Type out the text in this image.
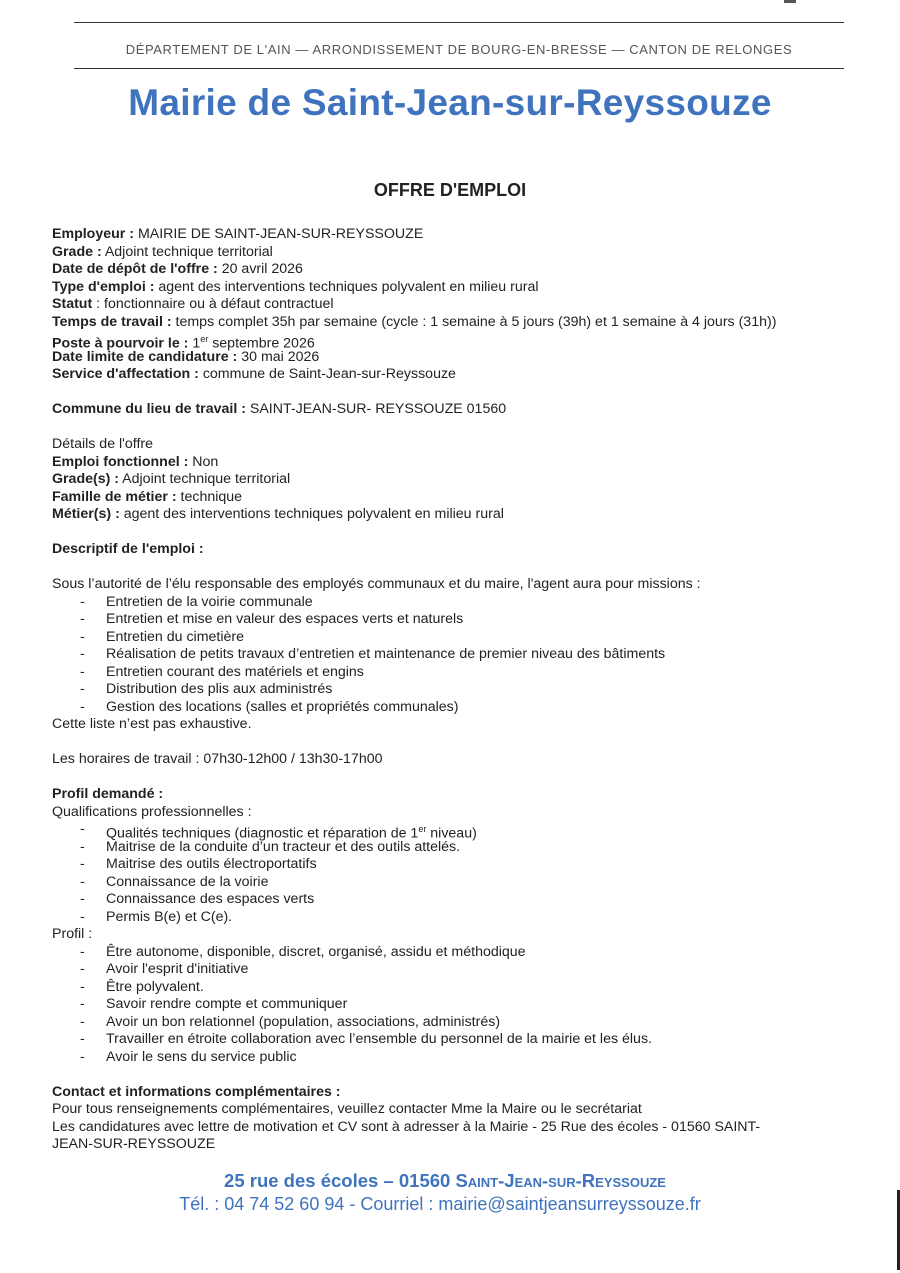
DÉPARTEMENT DE L'AIN — ARRONDISSEMENT DE BOURG-EN-BRESSE — CANTON DE RELONGES
Mairie de Saint-Jean-sur-Reyssouze
OFFRE D'EMPLOI
Employeur : MAIRIE DE SAINT-JEAN-SUR-REYSSOUZE
Grade : Adjoint technique territorial
Date de dépôt de l'offre : 20 avril 2026
Type d'emploi : agent des interventions techniques polyvalent en milieu rural
Statut : fonctionnaire ou à défaut contractuel
Temps de travail : temps complet 35h par semaine (cycle : 1 semaine à 5 jours (39h) et 1 semaine à 4 jours (31h))
Poste à pourvoir le : 1er septembre 2026
Date limite de candidature : 30 mai 2026
Service d'affectation : commune de Saint-Jean-sur-Reyssouze
Commune du lieu de travail : SAINT-JEAN-SUR- REYSSOUZE 01560
Détails de l'offre
Emploi fonctionnel : Non
Grade(s) : Adjoint technique territorial
Famille de métier : technique
Métier(s) : agent des interventions techniques polyvalent en milieu rural
Descriptif de l'emploi :
Sous l’autorité de l’élu responsable des employés communaux et du maire, l'agent aura pour missions :
- Entretien de la voirie communale
- Entretien et mise en valeur des espaces verts et naturels
- Entretien du cimetière
- Réalisation de petits travaux d’entretien et maintenance de premier niveau des bâtiments
- Entretien courant des matériels et engins
- Distribution des plis aux administrés
- Gestion des locations (salles et propriétés communales)
Cette liste n’est pas exhaustive.
Les horaires de travail : 07h30-12h00 / 13h30-17h00
Profil demandé :
Qualifications professionnelles :
- Qualités techniques (diagnostic et réparation de 1er niveau)
- Maitrise de la conduite d’un tracteur et des outils attelés.
- Maitrise des outils électroportatifs
- Connaissance de la voirie
- Connaissance des espaces verts
- Permis B(e) et C(e).
Profil :
- Être autonome, disponible, discret, organisé, assidu et méthodique
- Avoir l'esprit d'initiative
- Être polyvalent.
- Savoir rendre compte et communiquer
- Avoir un bon relationnel (population, associations, administrés)
- Travailler en étroite collaboration avec l’ensemble du personnel de la mairie et les élus.
- Avoir le sens du service public
Contact et informations complémentaires :
Pour tous renseignements complémentaires, veuillez contacter Mme la Maire ou le secrétariat
Les candidatures avec lettre de motivation et CV sont à adresser à la Mairie - 25 Rue des écoles - 01560 SAINT-
JEAN-SUR-REYSSOUZE
25 rue des écoles – 01560 Saint-Jean-sur-Reyssouze
Tél. : 04 74 52 60 94 - Courriel : mairie@saintjeansurreyssouze.fr
